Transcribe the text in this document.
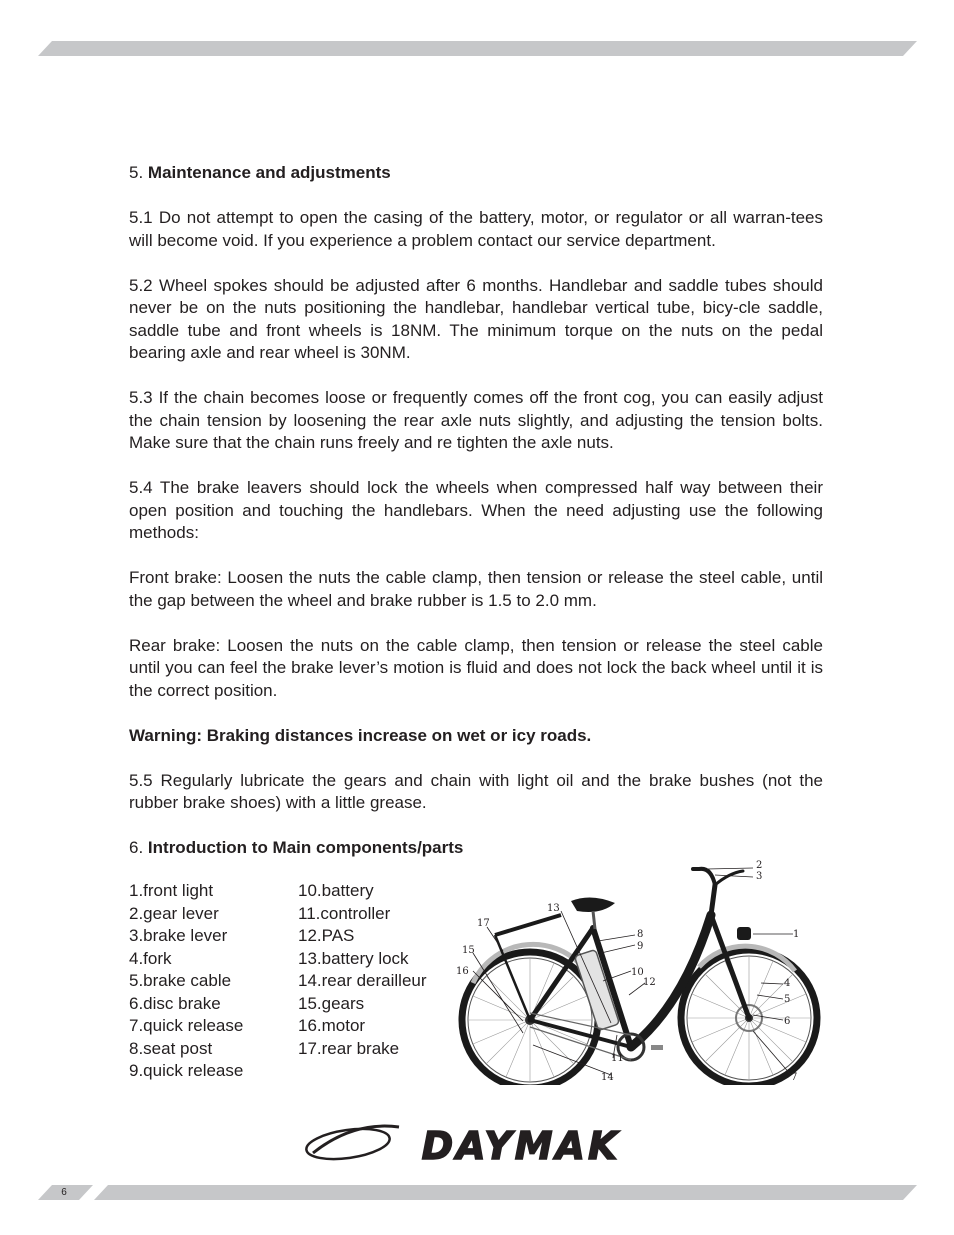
5. Maintenance and adjustments

5.1 Do not attempt to open the casing of the battery, motor, or regulator or all warran-tees will become void. If you experience a problem contact our service department.

5.2 Wheel spokes should be adjusted after 6 months. Handlebar and saddle tubes should never be on the nuts positioning the handlebar, handlebar vertical tube, bicy-cle saddle, saddle tube and front wheels is 18NM. The minimum torque on the nuts on the pedal bearing axle and rear wheel is 30NM.

5.3 If the chain becomes loose or frequently comes off the front cog, you can easily adjust the chain tension by loosening the rear axle nuts slightly, and adjusting the tension bolts. Make sure that the chain runs freely and re tighten the axle nuts.

5.4 The brake leavers should lock the wheels when compressed half way between their open position and touching the handlebars. When the need adjusting use the following methods:

Front brake: Loosen the nuts the cable clamp, then tension or release the steel cable, until the gap between the wheel and brake rubber is 1.5 to 2.0 mm.

Rear brake: Loosen the nuts on the cable clamp, then tension or release the steel cable until you can feel the brake lever’s motion is fluid and does not lock the back wheel until it is the correct position.

Warning: Braking distances increase on wet or icy roads.

5.5 Regularly lubricate the gears and chain with light oil and the brake bushes (not the rubber brake shoes) with a little grease.

6. Introduction to Main components/parts

1.front light
2.gear lever
3.brake lever
4.fork
5.brake cable
6.disc brake
7.quick release
8.seat post
9.quick release
10.battery
11.controller
12.PAS
13.battery lock
14.rear derailleur
15.gears
16.motor
17.rear brake
1
2
3
4
5
6
7
8
9
10
11
12
13
14
15
16
17
DAYMAK
6
